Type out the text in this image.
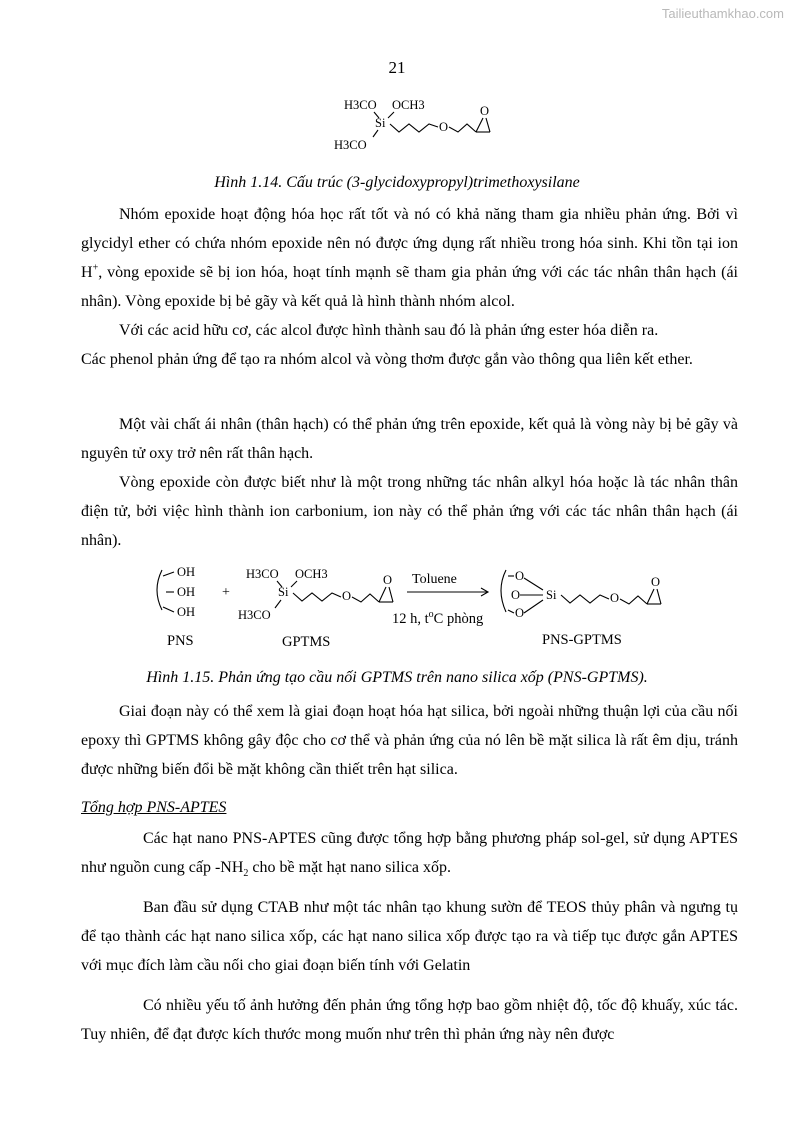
Tailieuthamkhao.com
21
H3CO OCH3
Si
H3CO
O
O
Hình 1.14. Cấu trúc (3-glycidoxypropyl)trimethoxysilane

Nhóm epoxide hoạt động hóa học rất tốt và nó có khả năng tham gia nhiều phản ứng. Bởi vì glycidyl ether có chứa nhóm epoxide nên nó được ứng dụng rất nhiều trong hóa sinh. Khi tồn tại ion H+, vòng epoxide sẽ bị ion hóa, hoạt tính mạnh sẽ tham gia phản ứng với các tác nhân thân hạch (ái nhân). Vòng epoxide bị bẻ gãy và kết quả là hình thành nhóm alcol.

Với các acid hữu cơ, các alcol được hình thành sau đó là phản ứng ester hóa diễn ra.

Các phenol phản ứng để tạo ra nhóm alcol và vòng thơm được gắn vào thông qua liên kết ether.

Một vài chất ái nhân (thân hạch) có thể phản ứng trên epoxide, kết quả là vòng này bị bẻ gãy và nguyên tử oxy trở nên rất thân hạch.

Vòng epoxide còn được biết như là một trong những tác nhân alkyl hóa hoặc là tác nhân thân điện tử, bởi việc hình thành ion carbonium, ion này có thể phản ứng với các tác nhân thân hạch (ái nhân).

OH
OH
OH
+
H3CO OCH3
Si
H3CO
O
O Toluene	O
O
O
Si	O
O
12 h, $t^oC$ phòng
PNS	GPTMS	PNS-GPTMS
Hình 1.15. Phản ứng tạo cầu nối GPTMS trên nano silica xốp (PNS-GPTMS).

Giai đoạn này có thể xem là giai đoạn hoạt hóa hạt silica, bởi ngoài những thuận lợi của cầu nối epoxy thì GPTMS không gây độc cho cơ thể và phản ứng của nó lên bề mặt silica là rất êm dịu, tránh được những biến đổi bề mặt không cần thiết trên hạt silica.

Tổng hợp PNS-APTES

Các hạt nano PNS-APTES cũng được tổng hợp bằng phương pháp sol-gel, sử dụng APTES như nguồn cung cấp $-NH_2$ cho bề mặt hạt nano silica xốp.

Ban đầu sử dụng CTAB như một tác nhân tạo khung sườn để TEOS thủy phân và ngưng tụ để tạo thành các hạt nano silica xốp, các hạt nano silica xốp được tạo ra và tiếp tục được gắn APTES với mục đích làm cầu nối cho giai đoạn biến tính với Gelatin

Có nhiều yếu tố ảnh hưởng đến phản ứng tổng hợp bao gồm nhiệt độ, tốc độ khuấy, xúc tác. Tuy nhiên, để đạt được kích thước mong muốn như trên thì phản ứng này nên được
